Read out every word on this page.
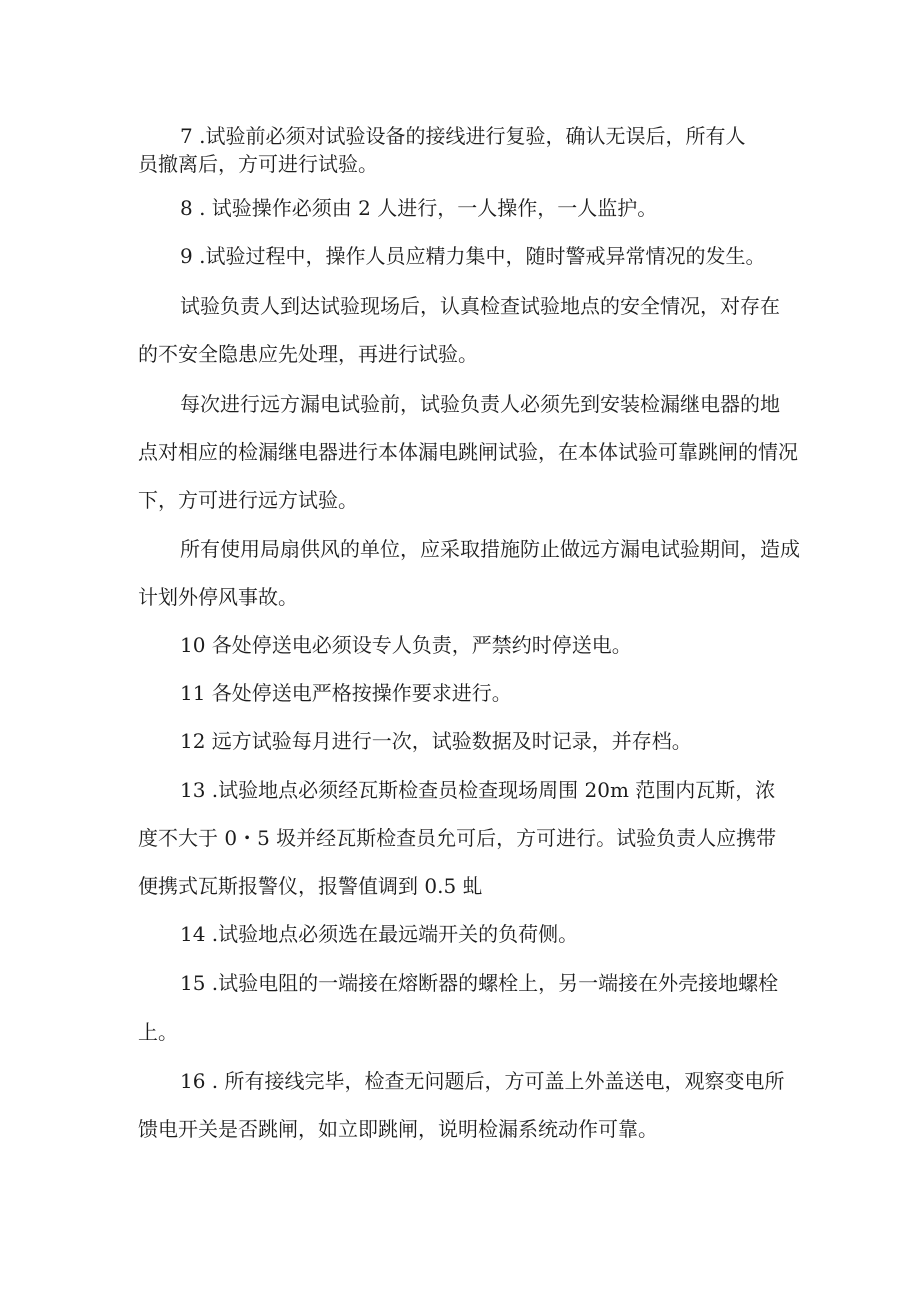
7 .试验前必须对试验设备的接线进行复验，确认无误后，所有人

员撤离后，方可进行试验。

8 . 试验操作必须由 2 人进行，一人操作，一人监护。

9 .试验过程中，操作人员应精力集中，随时警戒异常情况的发生。

试验负责人到达试验现场后，认真检查试验地点的安全情况，对存在

的不安全隐患应先处理，再进行试验。

每次进行远方漏电试验前，试验负责人必须先到安装检漏继电器的地

点对相应的检漏继电器进行本体漏电跳闸试验，在本体试验可靠跳闸的情况

下，方可进行远方试验。

所有使用局扇供风的单位，应采取措施防止做远方漏电试验期间，造成

计划外停风事故。

10 各处停送电必须设专人负责，严禁约时停送电。

11 各处停送电严格按操作要求进行。

12 远方试验每月进行一次，试验数据及时记录，并存档。

13 .试验地点必须经瓦斯检查员检查现场周围 20m 范围内瓦斯，浓

度不大于 0・5 圾并经瓦斯检查员允可后，方可进行。试验负责人应携带

便携式瓦斯报警仪，报警值调到 0.5 虬

14 .试验地点必须选在最远端开关的负荷侧。

15 .试验电阻的一端接在熔断器的螺栓上，另一端接在外壳接地螺栓

上。

16 . 所有接线完毕，检查无问题后，方可盖上外盖送电，观察变电所

馈电开关是否跳闸，如立即跳闸，说明检漏系统动作可靠。
